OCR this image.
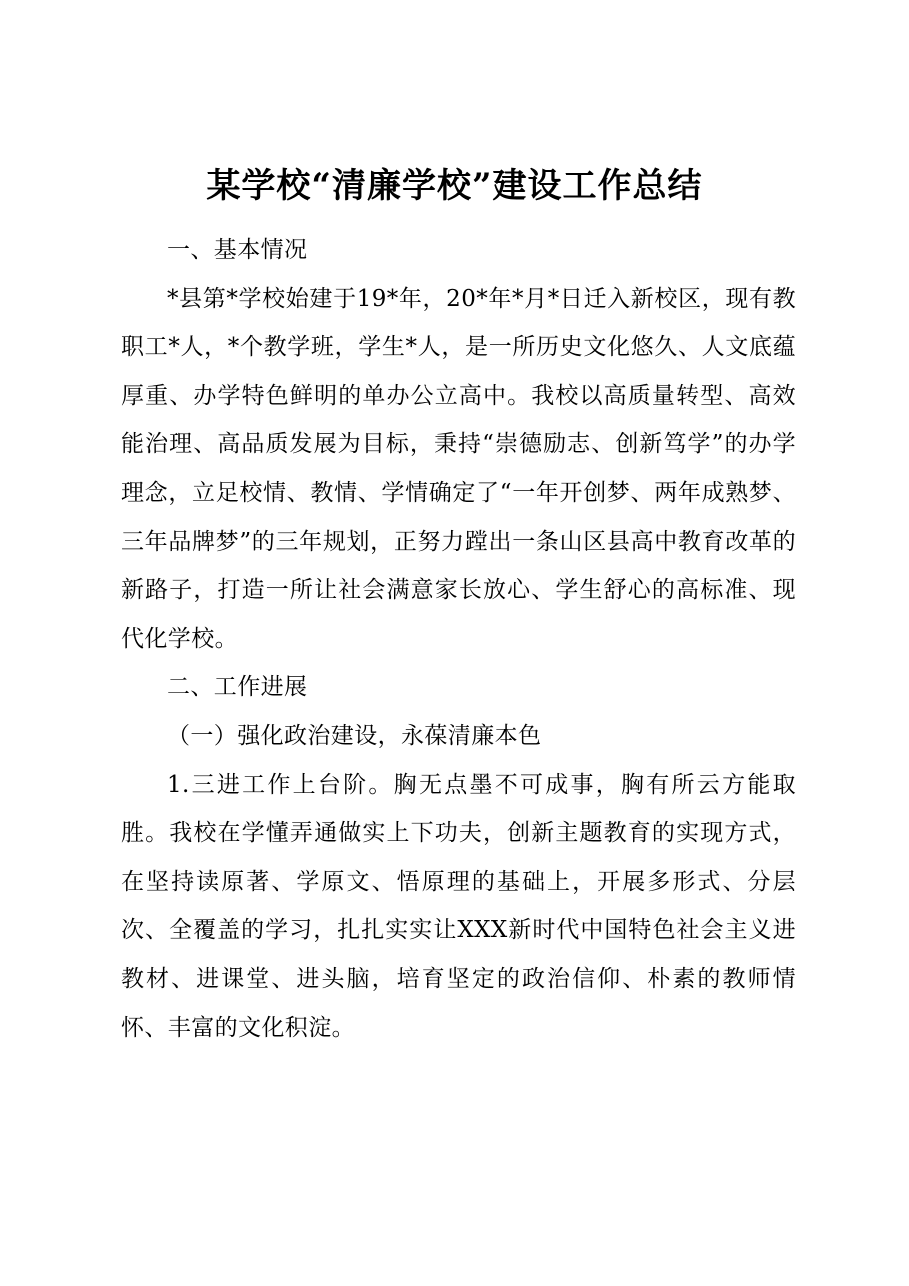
某学校“清廉学校”建设工作总结

一、基本情况

*县第*学校始建于19*年，20*年*月*日迁入新校区，现有教职工*人，*个教学班，学生*人，是一所历史文化悠久、人文底蕴厚重、办学特色鲜明的单办公立高中。我校以高质量转型、高效能治理、高品质发展为目标，秉持“崇德励志、创新笃学”的办学理念，立足校情、教情、学情确定了“一年开创梦、两年成熟梦、三年品牌梦”的三年规划，正努力蹚出一条山区县高中教育改革的新路子，打造一所让社会满意家长放心、学生舒心的高标准、现代化学校。

二、工作进展

（一）强化政治建设，永葆清廉本色

1.三进工作上台阶。胸无点墨不可成事，胸有所云方能取胜。我校在学懂弄通做实上下功夫，创新主题教育的实现方式，在坚持读原著、学原文、悟原理的基础上，开展多形式、分层次、全覆盖的学习，扎扎实实让XXX新时代中国特色社会主义进教材、进课堂、进头脑，培育坚定的政治信仰、朴素的教师情怀、丰富的文化积淀。
